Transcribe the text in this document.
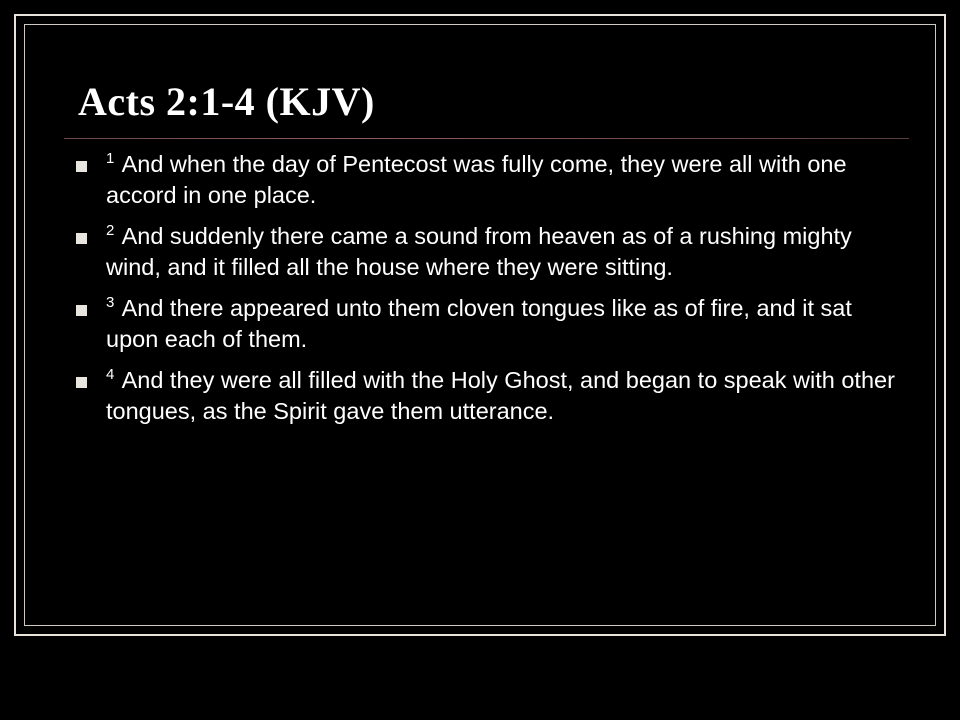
Acts 2:1-4 (KJV)
$^1$ And when the day of Pentecost was fully come, they were all with one accord in one place.
$^2$ And suddenly there came a sound from heaven as of a rushing mighty wind, and it filled all the house where they were sitting.
$^3$ And there appeared unto them cloven tongues like as of fire, and it sat upon each of them.
$^4$ And they were all filled with the Holy Ghost, and began to speak with other tongues, as the Spirit gave them utterance.
